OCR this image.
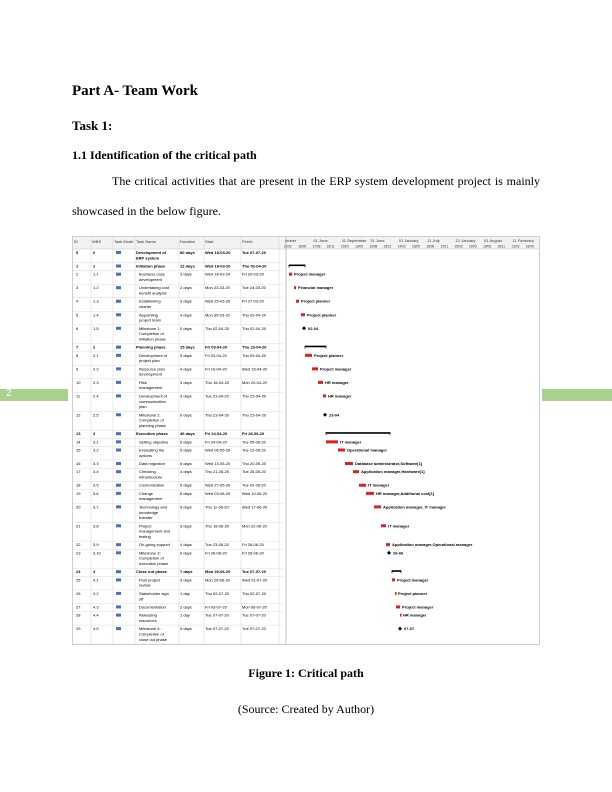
Part A- Team Work
Task 1:
1.1 Identification of the critical path
The critical activities that are present in the ERP system development project is mainly
showcased in the below figure.
2
ID	WBS	Task Mode Task Name	Duration Start	Finish	ember	01 June	11 September 21 June	01 January 11 July	21 January 01 August	11 February
11/02 16/05 17/08 18/11 19/02 13/05 16/08 18/11 14/02 16/05 18/08 19/11 15/02 16/05 19/08 18/11 13/02 15/05
0	0	Development of
ERP system
80 days	Wed 18-03-20	Tue 07-07-20
1	1	Initiation phase	12 days	Wed 18-03-20	Thu 02-04-20
2	1.1	Business case
development
3 days	Wed 18-03-20	Fri 20-03-20	Project manager
3	1.2	Undertaking cost
benefit analysis
2 days	Mon 23-03-20	Tue 24-03-20	Financial manager
4	1.3	Establishing
charter
3 days	Wed 25-03-20	Fri 27-03-20	Project planner
5	1.4	Appointing
project team
4 days	Mon 30-03-20	Thu 02-04-20	Project planner
6	1.5	Milestone 1:
Completion of
initiation phase
0 days	Thu 02-04-20	Thu 02-04-20	02-04
7	2	Planning phase	15 days	Fri 03-04-20	Thu 23-04-20
8	2.1	Development of
project plan
5 days	Fri 03-04-20	Thu 09-04-20	Project planner
9	2.2	Resource plan
development
4 days	Fri 10-04-20	Wed 15-04-20	Project manager
10	2.3	Risk
management
3 days	Thu 16-04-20	Mon 20-04-20	HR manager
11	2.4	Development of
communication
plan
3 days	Tue 21-04-20	Thu 23-04-20	HR manager
12	2.5	Milestone 2:
Completion of
planning phase
0 days	Thu 23-04-20	Thu 23-04-20	23-04
13	3	Execution phase	46 days	Fri 24-04-20	Fri 26-06-20
14	3.1	Setting objective	6 days	Fri 24-04-20	Tue 05-05-20	IT manager
15	3.2	Evaluating the
options
5 days	Wed 06-05-20	Tue 12-05-20	Operational manager
16	3.3	Data migration	6 days	Wed 13-05-20	Thu 20-05-20	Database administrator,Software[1]
17	3.4	Checking
infrastructure
4 days	Thu 21-05-20	Tue 26-05-20	Application manager,Hardware[1]
18	3.5	Customization	5 days	Wed 27-05-20	Tue 02-06-20	IT manager
19	3.6	Change
management
6 days	Wed 03-06-20	Wed 10-06-20	HR manager,Additional cost[1]
20	3.7	Technology and
knowledge
transfer
5 days	Thu 11-06-20	Wed 17-06-20	Application manager, IT manager
21	3.8	Project
management and
testing
3 days	Thu 18-06-20	Mon 22-06-20	IT manager
22	3.9	On-going support	4 days	Tue 23-06-20	Fri 26-06-20	Application manager,Operational manager
23	3.10	Milestone 3:
Completion of
execution phase
0 days	Fri 26-06-20	Fri 26-06-20	26-06
24	4	Close out phase	7 days	Mon 29-06-20	Tue 07-07-20
25	4.1	Post project
review
3 days	Mon 29-06-20	Wed 01-07-20	Project manager
26	4.2	Stakeholder sign
off
1 day	Thu 02-07-20	Thu 02-07-20	Project planner
27	4.3	Documentation	2 days	Fri 03-07-20	Mon 06-07-20	Project manager
28	4.4	Releasing
resources
1 day	Tue 07-07-20	Tue 07-07-20	HR manager
29	4.5	Milestone 4:
Completion of
close out phase
0 days	Tue 07-07-20	Tue 07-07-20	07-07
Figure 1: Critical path
(Source: Created by Author)
